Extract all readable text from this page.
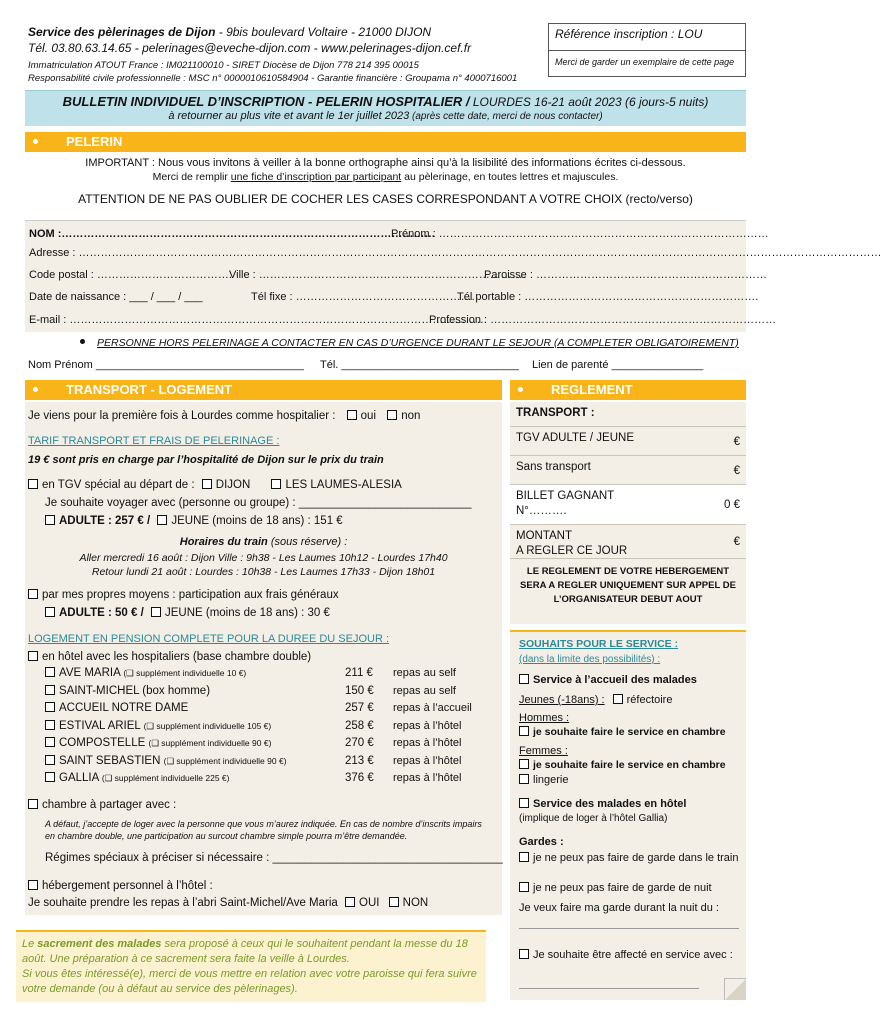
Service des pèlerinages de Dijon - 9bis boulevard Voltaire - 21000 DIJON
Tél. 03.80.63.14.65 - pelerinages@eveche-dijon.com - www.pelerinages-dijon.cef.fr
Immatriculation ATOUT France : IM021100010 - SIRET Diocèse de Dijon 778 214 395 00015
Responsabilité civile professionnelle : MSC n° 0000010610584904 - Garantie financière : Groupama n° 4000716001
Référence inscription : LOU
Merci de garder un exemplaire de cette page
BULLETIN INDIVIDUEL D’INSCRIPTION - PELERIN HOSPITALIER / LOURDES 16-21 août 2023 (6 jours-5 nuits)
à retourner au plus vite et avant le 1er juillet 2023 (après cette date, merci de nous contacter)
PELERIN
IMPORTANT : Nous vous invitons à veiller à la bonne orthographe ainsi qu’à la lisibilité des informations écrites ci-dessous.
Merci de remplir une fiche d’inscription par participant au pèlerinage, en toutes lettres et majuscules.
ATTENTION DE NE PAS OUBLIER DE COCHER LES CASES CORRESPONDANT A VOTRE CHOIX (recto/verso)
NOM :…………………………………………………………………………………………
Prénom : ………………………………………………………………………………
Adresse : …………………………………………………………………………………………………………………………………………………………………………………………………
Code postal : ……………………………….
Ville : ……………………………………………………………….
Paroisse : ………………………………………………………
Date de naissance : ___ / ___ / ___	Tél fixe : ………………………………………….
Tél portable : ……………………………………………………….
E-mail : ……………………………………………………………………………………………………
Profession : ……………………………………………………………………
PERSONNE HORS PELERINAGE A CONTACTER EN CAS D’URGENCE DURANT LE SEJOUR (A COMPLETER OBLIGATOIREMENT)
Nom Prénom __________________________________ Tél. _____________________________ Lien de parenté _______________
TRANSPORT - LOGEMENT	REGLEMENT
Je viens pour la première fois à Lourdes comme hospitalier : oui non
TARIF TRANSPORT ET FRAIS DE PELERINAGE :
19 € sont pris en charge par l’hospitalité de Dijon sur le prix du train
en TGV spécial au départ de : DIJON	LES LAUMES-ALESIA
Je souhaite voyager avec (personne ou groupe) : ___________________________
ADULTE : 257 € / JEUNE (moins de 18 ans) : 151 €
Horaires du train (sous réserve) :
Aller mercredi 16 août : Dijon Ville : 9h38 - Les Laumes 10h12 - Lourdes 17h40
Retour lundi 21 août : Lourdes : 10h38 - Les Laumes 17h33 - Dijon 18h01
par mes propres moyens : participation aux frais généraux
ADULTE : 50 € / JEUNE (moins de 18 ans) : 30 €
LOGEMENT EN PENSION COMPLETE POUR LA DUREE DU SEJOUR :
en hôtel avec les hospitaliers (base chambre double)
AVE MARIA (❑ supplément individuelle 10 €)	211 € repas au self
SAINT-MICHEL (box homme)	150 € repas au self
ACCUEIL NOTRE DAME	257 € repas à l’accueil
ESTIVAL ARIEL (❑ supplément individuelle 105 €)	258 € repas à l’hôtel
COMPOSTELLE (❑ supplément individuelle 90 €)	270 € repas à l’hôtel
SAINT SEBASTIEN (❑ supplément individuelle 90 €)	213 € repas à l’hôtel
GALLIA (❑ supplément individuelle 225 €)	376 € repas à l’hôtel
chambre à partager avec :
A défaut, j’accepte de loger avec la personne que vous m’aurez indiquée. En cas de nombre d’inscrits impairs en chambre double, une participation au surcout chambre simple pourra m’être demandée.
Régimes spéciaux à préciser si nécessaire : ____________________________________
hébergement personnel à l’hôtel :
Je souhaite prendre les repas à l’abri Saint-Michel/Ave Maria OUI NON
Le sacrement des malades sera proposé à ceux qui le souhaitent pendant la messe du 18 août. Une préparation à ce sacrement sera faite la veille à Lourdes.
Si vous êtes intéressé(e), merci de vous mettre en relation avec votre paroisse qui fera suivre votre demande (ou à défaut au service des pèlerinages).
TRANSPORT :
TGV ADULTE / JEUNE	€
Sans transport	€
BILLET GAGNANT
N°……….	0 €
MONTANT
A REGLER CE JOUR
€
LE REGLEMENT DE VOTRE HEBERGEMENT SERA A REGLER UNIQUEMENT SUR APPEL DE L’ORGANISATEUR DEBUT AOUT
SOUHAITS POUR LE SERVICE :
(dans la limite des possibilités) :
Service à l’accueil des malades
Jeunes (-18ans) : réfectoire
Hommes :
je souhaite faire le service en chambre
Femmes :
je souhaite faire le service en chambre
lingerie
Service des malades en hôtel
(implique de loger à l’hôtel Gallia)
Gardes :
je ne peux pas faire de garde dans le train
je ne peux pas faire de garde de nuit
Je veux faire ma garde durant la nuit du :
Je souhaite être affecté en service avec :
